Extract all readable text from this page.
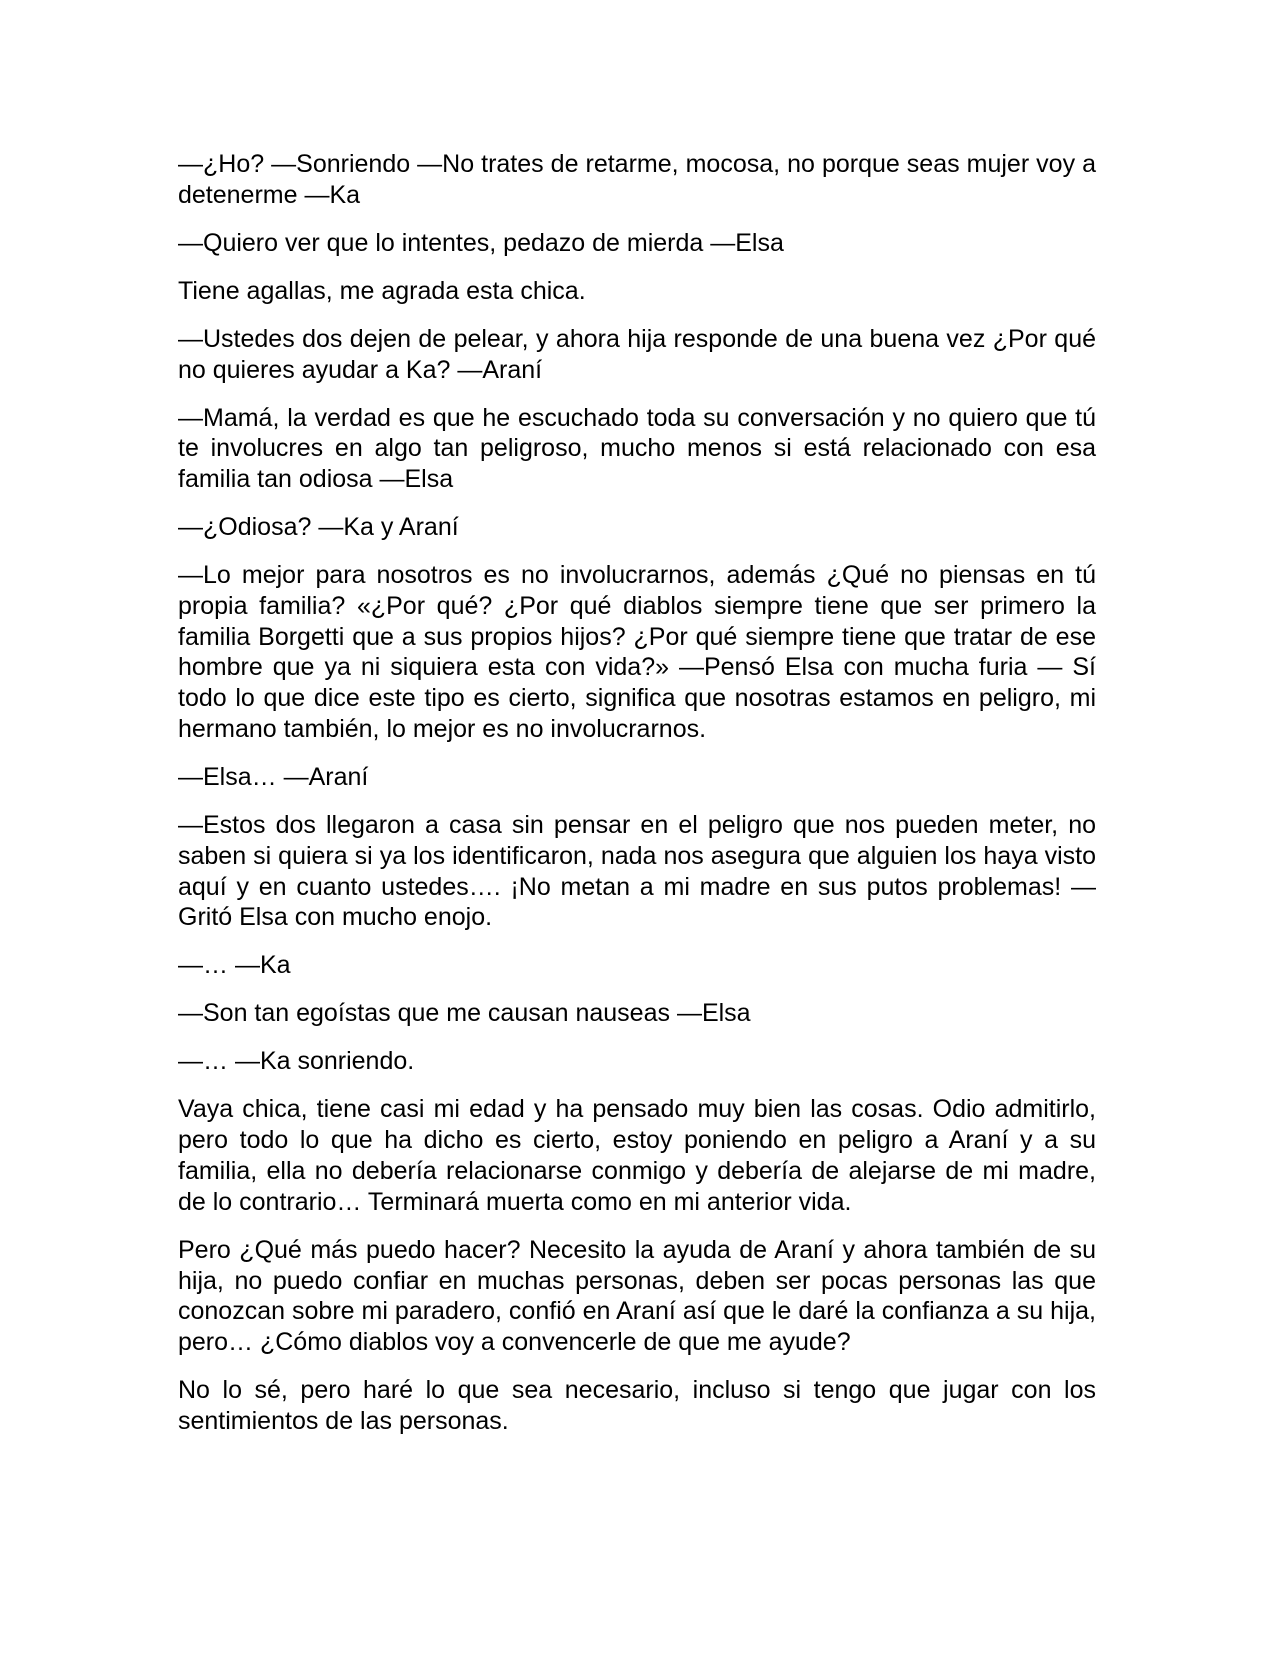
—¿Ho? —Sonriendo —No trates de retarme, mocosa, no porque seas mujer voy a detenerme —Ka

—Quiero ver que lo intentes, pedazo de mierda —Elsa

Tiene agallas, me agrada esta chica.

—Ustedes dos dejen de pelear, y ahora hija responde de una buena vez ¿Por qué no quieres ayudar a Ka? —Araní

—Mamá, la verdad es que he escuchado toda su conversación y no quiero que tú te involucres en algo tan peligroso, mucho menos si está relacionado con esa familia tan odiosa —Elsa

—¿Odiosa? —Ka y Araní

—Lo mejor para nosotros es no involucrarnos, además ¿Qué no piensas en tú propia familia? «¿Por qué? ¿Por qué diablos siempre tiene que ser primero la familia Borgetti que a sus propios hijos? ¿Por qué siempre tiene que tratar de ese hombre que ya ni siquiera esta con vida?» —Pensó Elsa con mucha furia — Sí todo lo que dice este tipo es cierto, significa que nosotras estamos en peligro, mi hermano también, lo mejor es no involucrarnos.

—Elsa… —Araní

—Estos dos llegaron a casa sin pensar en el peligro que nos pueden meter, no saben si quiera si ya los identificaron, nada nos asegura que alguien los haya visto aquí y en cuanto ustedes…. ¡No metan a mi madre en sus putos problemas! —Gritó Elsa con mucho enojo.

—… —Ka

—Son tan egoístas que me causan nauseas —Elsa

—… —Ka sonriendo.

Vaya chica, tiene casi mi edad y ha pensado muy bien las cosas. Odio admitirlo, pero todo lo que ha dicho es cierto, estoy poniendo en peligro a Araní y a su familia, ella no debería relacionarse conmigo y debería de alejarse de mi madre, de lo contrario… Terminará muerta como en mi anterior vida.

Pero ¿Qué más puedo hacer? Necesito la ayuda de Araní y ahora también de su hija, no puedo confiar en muchas personas, deben ser pocas personas las que conozcan sobre mi paradero, confió en Araní así que le daré la confianza a su hija, pero… ¿Cómo diablos voy a convencerle de que me ayude?

No lo sé, pero haré lo que sea necesario, incluso si tengo que jugar con los sentimientos de las personas.
